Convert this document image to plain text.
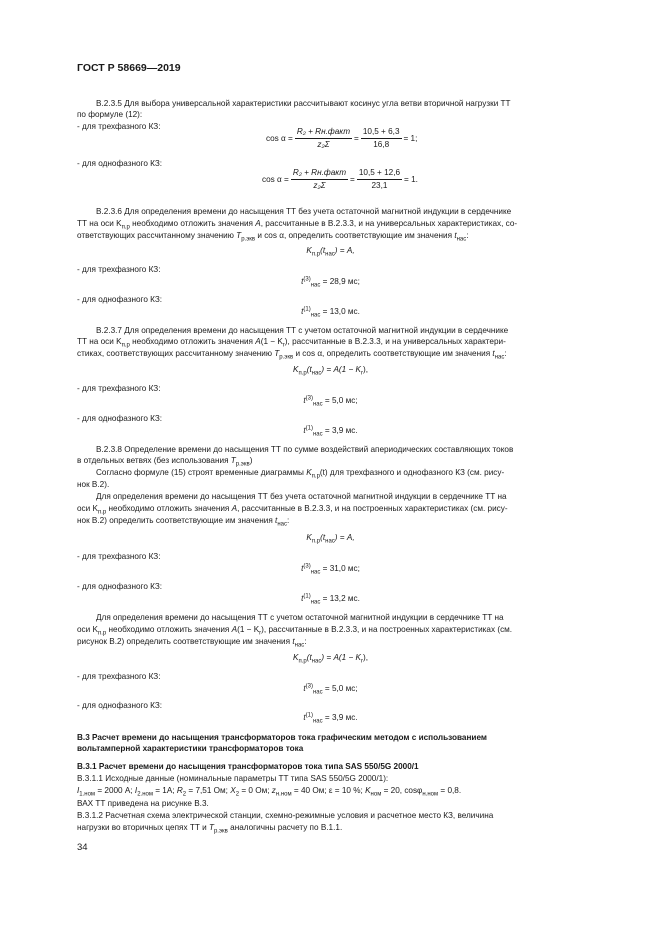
ГОСТ Р 58669—2019
В.2.3.5 Для выбора универсальной характеристики рассчитывают косинус угла ветви вторичной нагрузки ТТ
по формуле (12):
- для трехфазного КЗ:
$\cos \alpha = \frac{\text{R₂ + Rн.факт}}{\text{z₂Σ}} = \frac{10,5 + 6,3}{16,8} = 1$;
- для однофазного КЗ:
$\cos \alpha = \frac{\text{R₂ + Rн.факт}}{\text{z₂Σ}} = \frac{10,5 + 12,6}{23,1} = 1$.
В.2.3.6 Для определения времени до насыщения ТТ без учета остаточной магнитной индукции в сердечнике
ТТ на оси $K_{п.р}$ необходимо отложить значения A, рассчитанные в В.2.3.3, и на универсальных характеристиках, со-
ответствующих рассчитанному значению $T_{р.экв}$ и cos α, определить соответствующие им значения $t_{нас}$:
$K_{п.р}(t_{нас}) = A$,
- для трехфазного КЗ:
$t^{(3)}_{нас} = 28,9$ мс;
- для однофазного КЗ:
$t^{(1)}_{нас} = 13,0$ мс.
В.2.3.7 Для определения времени до насыщения ТТ с учетом остаточной магнитной индукции в сердечнике
ТТ на оси $K_{п.р}$ необходимо отложить значения $A(1 - K_r)$, рассчитанные в В.2.3.3, и на универсальных характери-
стиках, соответствующих рассчитанному значению $T_{р.экв}$ и cos α, определить соответствующие им значения $t_{нас}$:
$K_{п.р}(t_{нас}) = A(1 - K_r)$,
- для трехфазного КЗ:
$t^{(3)}_{нас} = 5,0$ мс;
- для однофазного КЗ:
$t^{(1)}_{нас} = 3,9$ мс.
В.2.3.8 Определение времени до насыщения ТТ по сумме воздействий апериодических составляющих токов
в отдельных ветвях (без использования $T_{р.экв}$)
Согласно формуле (15) строят временные диаграммы $K_{п.р}(t)$ для трехфазного и однофазного КЗ (см. рису-
нок В.2).
Для определения времени до насыщения ТТ без учета остаточной магнитной индукции в сердечнике ТТ на
оси $K_{п.р}$ необходимо отложить значения A, рассчитанные в В.2.3.3, и на построенных характеристиках (см. рису-
нок В.2) определить соответствующие им значения $t_{нас}$:
$K_{п.р}(t_{нас}) = A$,
- для трехфазного КЗ:
$t^{(3)}_{нас} = 31,0$ мс;
- для однофазного КЗ:
$t^{(1)}_{нас} = 13,2$ мс.
Для определения времени до насыщения ТТ с учетом остаточной магнитной индукции в сердечнике ТТ на
оси $K_{п.р}$ необходимо отложить значения $A(1 - K_r)$, рассчитанные в В.2.3.3, и на построенных характеристиках (см.
рисунок В.2) определить соответствующие им значения $t_{нас}$:
$K_{п.р}(t_{нас}) = A(1 - K_r)$,
- для трехфазного КЗ:
$t^{(3)}_{нас} = 5,0$ мс;
- для однофазного КЗ:
$t^{(1)}_{нас} = 3,9$ мс.
В.3 Расчет времени до насыщения трансформаторов тока графическим методом с использованием
вольтамперной характеристики трансформаторов тока
В.3.1 Расчет времени до насыщения трансформаторов тока типа SAS 550/5G 2000/1
В.3.1.1 Исходные данные (номинальные параметры ТТ типа SAS 550/5G 2000/1):
$I_{1.ном} = 2000$ A; $I_{2.ном} = 1A$; $R_2 = 7,51$ Ом; $X_2 = 0$ Ом; $z_{н.ном} = 40$ Ом; ε = 10 %; $K_{ном} = 20$, cosφ$_{н.ном}$ = 0,8.
ВАХ ТТ приведена на рисунке В.3.
В.3.1.2 Расчетная схема электрической станции, схемно-режимные условия и расчетное место КЗ, величина
нагрузки во вторичных цепях ТТ и $T_{р.экв}$ аналогичны расчету по В.1.1.
34
